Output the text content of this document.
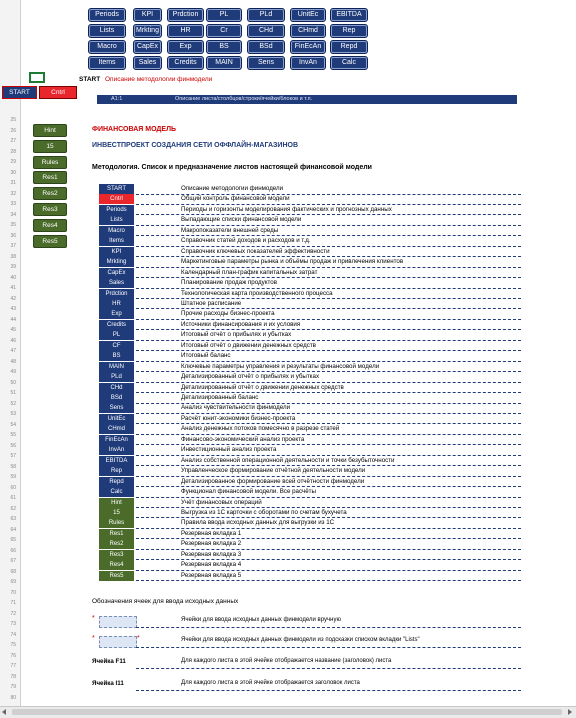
25
26
27
28
29
30
31
32
33
34
35
36
37
38
39
40
41
42
43
44
45
46
47
48
49
50
51
52
53
54
55
56
57
58
59
60
61
62
63
64
65
66
67
68
69
70
71
72
73
74
75
76
77
78
79
80
Periods	KPI	Prdction	PL	PLd	UnitEc	EBITDA
Lists	Mrkting	HR	Cr	CHd	CHmd	Rep
Macro	CapEx	Exp	BS	BSd	FinEcAn	Repd
Items	Sales	Credits	MAIN	Sens	InvAn	Calc
START	Cntrl
START Описание методологии финмодели
A1:1	Описание листа/столбцов/строки/ячейки/блоков и т.п.
Hint
15
Rules
Res1
Res2
Res3
Res4
Res5
ФИНАНСОВАЯ МОДЕЛЬ
ИНВЕСТПРОЕКТ СОЗДАНИЯ СЕТИ ОФФЛАЙН-МАГАЗИНОВ
Методология. Список и предназначение листов настоящей финансовой модели
START	Описание методологии финмодели
Cntrl	Общий контроль финансовой модели
Periods	Периоды и горизонты моделирования фактических и прогнозных данных
Lists	Выпадающие списки финансовой модели
Macro	Макропоказатели внешней среды
Items	Справочник статей доходов и расходов и т.д.
KPI	Справочник ключевых показателей эффективности
Mrkting	Маркетинговые параметры рынка и объёмы продаж и привлечения клиентов
CapEx	Календарный план-график капитальных затрат
Sales	Планирование продаж продуктов
Prdction	Технологическая карта производственного процесса
HR	Штатное расписание
Exp	Прочие расходы бизнес-проекта
Credits	Источники финансирования и их условия
PL	Итоговый отчёт о прибылях и убытках
CF	Итоговый отчёт о движении денежных средств
BS	Итоговый баланс
MAIN	Ключевые параметры управления и результаты финансовой модели
PLd	Детализированный отчёт о прибылях и убытках
CHd	Детализированный отчёт о движении денежных средств
BSd	Детализированный баланс
Sens	Анализ чувствительности финмодели
UnitEc	Расчёт юнит-экономики бизнес-проекта
CHmd	Анализ денежных потоков помесячно в разрезе статей
FinEcAn	Финансово-экономический анализ проекта
InvAn	Инвестиционный анализ проекта
EBITDA	Анализ собственной операционной деятельности и точки безубыточности
Rep	Управленческое формирование отчётной деятельности модели
Repd	Детализированное формирование всей отчётности финмодели
Calc	Функционал финансовой модели. Все расчёты
Hint	Учёт финансовых операций
15	Выгрузка из 1С карточки с оборотами по счетам бухучета
Rules	Правила ввода исходных данных для выгрузки из 1С
Res1	Резервная вкладка 1
Res2	Резервная вкладка 2
Res3	Резервная вкладка 3
Res4	Резервная вкладка 4
Res5	Резервная вкладка 5
Обозначения ячеек для ввода исходных данных
*	Ячейки для ввода исходных данных финмодели вручную
*	*	Ячейки для ввода исходных данных финмодели из подсказки списком вкладки "Lists"
Ячейка F11	Для каждого листа в этой ячейке отображается название (заголовок) листа
Ячейка I11	Для каждого листа в этой ячейке отображается заголовок листа
